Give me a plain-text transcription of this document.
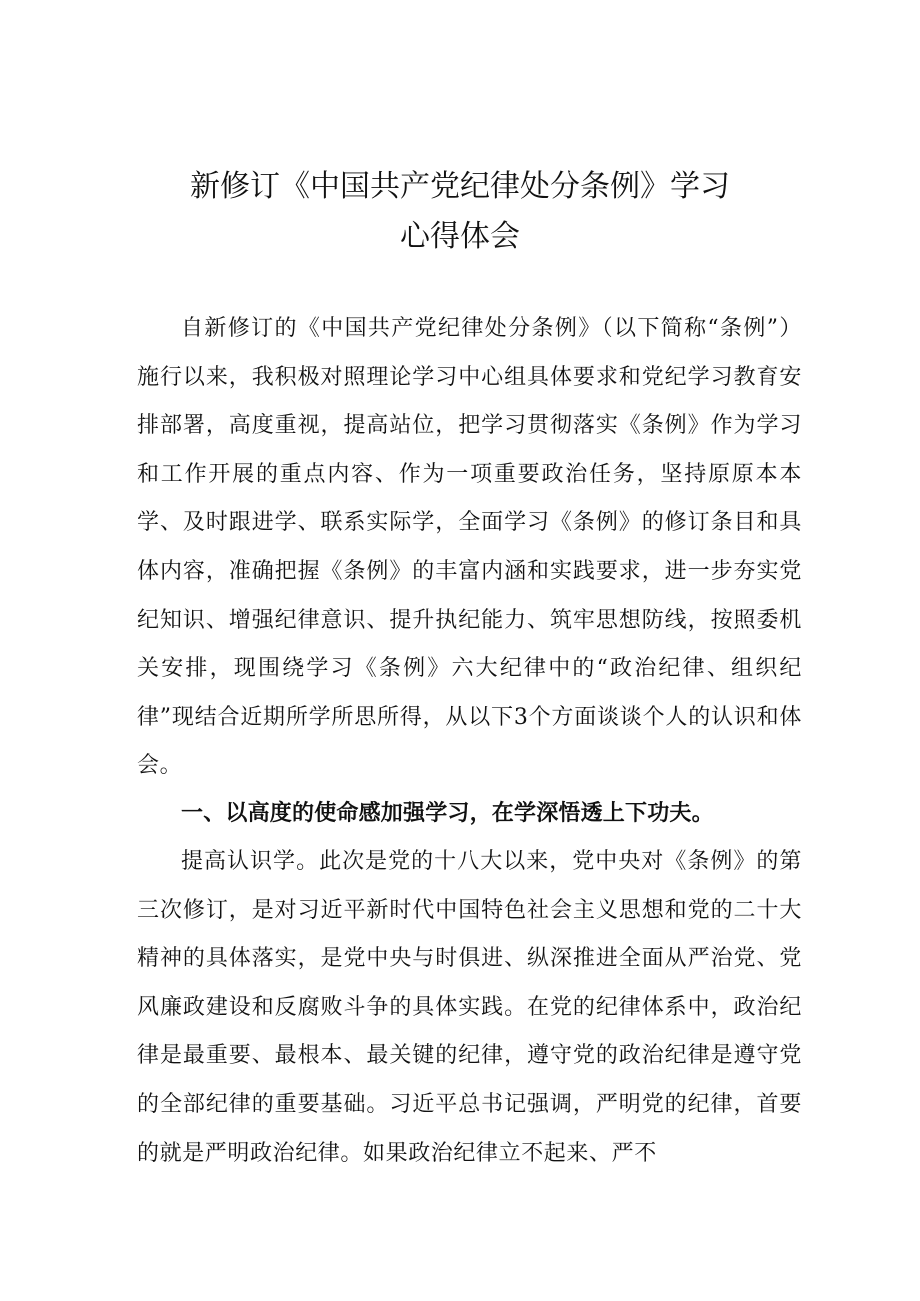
新修订《中国共产党纪律处分条例》学习
心得体会

自新修订的《中国共产党纪律处分条例》（以下简称“条例”）施行以来，我积极对照理论学习中心组具体要求和党纪学习教育安排部署，高度重视，提高站位，把学习贯彻落实《条例》作为学习和工作开展的重点内容、作为一项重要政治任务，坚持原原本本学、及时跟进学、联系实际学，全面学习《条例》的修订条目和具体内容，准确把握《条例》的丰富内涵和实践要求，进一步夯实党纪知识、增强纪律意识、提升执纪能力、筑牢思想防线，按照委机关安排，现围绕学习《条例》六大纪律中的“政治纪律、组织纪律”现结合近期所学所思所得，从以下3个方面谈谈个人的认识和体会。

一、以高度的使命感加强学习，在学深悟透上下功夫。

提高认识学。此次是党的十八大以来，党中央对《条例》的第三次修订，是对习近平新时代中国特色社会主义思想和党的二十大精神的具体落实，是党中央与时俱进、纵深推进全面从严治党、党风廉政建设和反腐败斗争的具体实践。在党的纪律体系中，政治纪律是最重要、最根本、最关键的纪律，遵守党的政治纪律是遵守党的全部纪律的重要基础。习近平总书记强调，严明党的纪律，首要的就是严明政治纪律。如果政治纪律立不起来、严不
